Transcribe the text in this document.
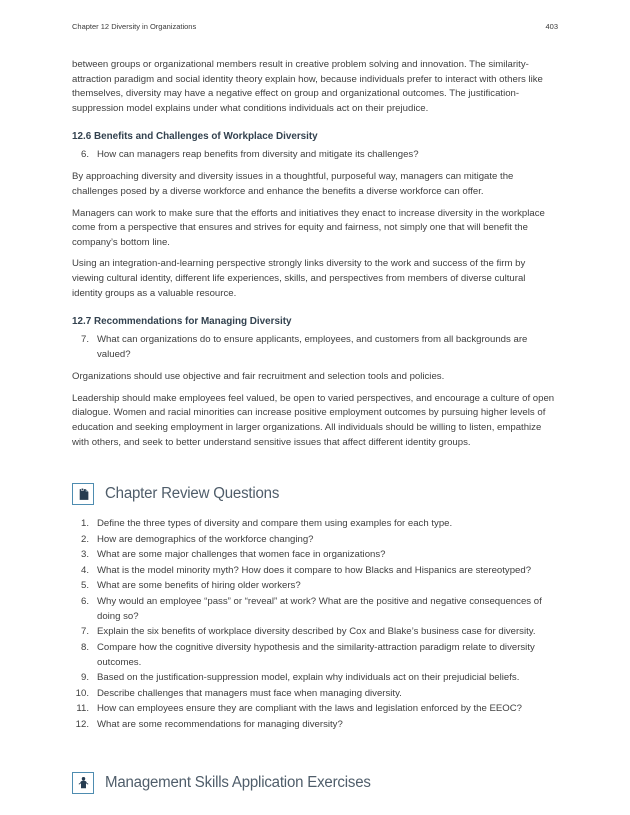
Chapter 12 Diversity in Organizations	403

between groups or organizational members result in creative problem solving and innovation. The similarity-attraction paradigm and social identity theory explain how, because individuals prefer to interact with others like themselves, diversity may have a negative effect on group and organizational outcomes. The justification-suppression model explains under what conditions individuals act on their prejudice.

12.6 Benefits and Challenges of Workplace Diversity
6. How can managers reap benefits from diversity and mitigate its challenges?

By approaching diversity and diversity issues in a thoughtful, purposeful way, managers can mitigate the challenges posed by a diverse workforce and enhance the benefits a diverse workforce can offer.

Managers can work to make sure that the efforts and initiatives they enact to increase diversity in the workplace come from a perspective that ensures and strives for equity and fairness, not simply one that will benefit the company’s bottom line.

Using an integration-and-learning perspective strongly links diversity to the work and success of the firm by viewing cultural identity, different life experiences, skills, and perspectives from members of diverse cultural identity groups as a valuable resource.

12.7 Recommendations for Managing Diversity
7. What can organizations do to ensure applicants, employees, and customers from all backgrounds are valued?

Organizations should use objective and fair recruitment and selection tools and policies.

Leadership should make employees feel valued, be open to varied perspectives, and encourage a culture of open dialogue. Women and racial minorities can increase positive employment outcomes by pursuing higher levels of education and seeking employment in larger organizations. All individuals should be willing to listen, empathize with others, and seek to better understand sensitive issues that affect different identity groups.

Chapter Review Questions
1. Define the three types of diversity and compare them using examples for each type.
2. How are demographics of the workforce changing?
3. What are some major challenges that women face in organizations?
4. What is the model minority myth? How does it compare to how Blacks and Hispanics are stereotyped?
5. What are some benefits of hiring older workers?
6. Why would an employee “pass” or “reveal” at work? What are the positive and negative consequences of doing so?
7. Explain the six benefits of workplace diversity described by Cox and Blake’s business case for diversity.
8. Compare how the cognitive diversity hypothesis and the similarity-attraction paradigm relate to diversity outcomes.
9. Based on the justification-suppression model, explain why individuals act on their prejudicial beliefs.
10. Describe challenges that managers must face when managing diversity.
11. How can employees ensure they are compliant with the laws and legislation enforced by the EEOC?
12. What are some recommendations for managing diversity?
Management Skills Application Exercises
